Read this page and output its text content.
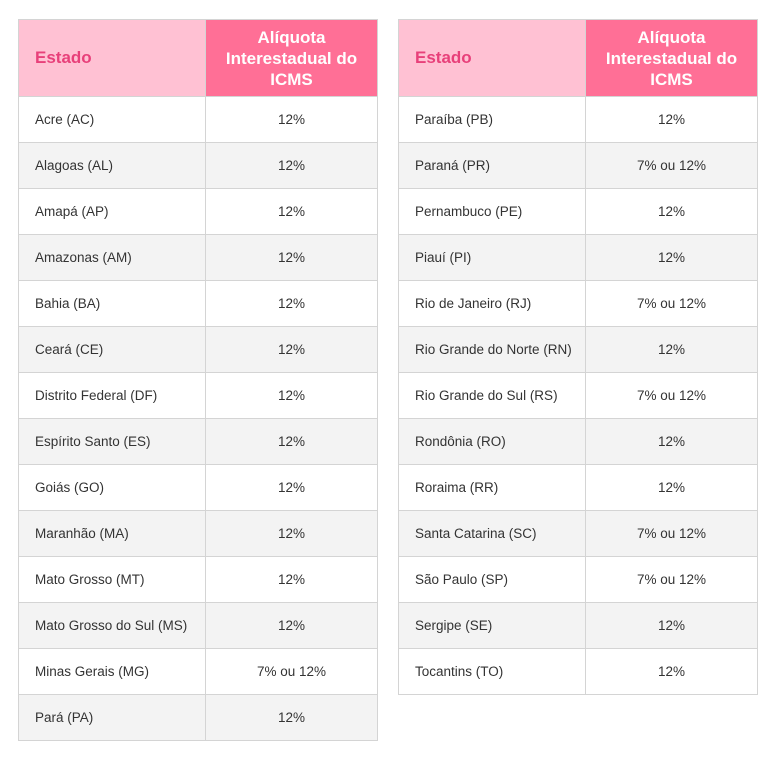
Estado	Alíquota Interestadual do ICMS
Acre (AC)	12%
Alagoas (AL)	12%
Amapá (AP)	12%
Amazonas (AM)	12%
Bahia (BA)	12%
Ceará (CE)	12%
Distrito Federal (DF)	12%
Espírito Santo (ES)	12%
Goiás (GO)	12%
Maranhão (MA)	12%
Mato Grosso (MT)	12%
Mato Grosso do Sul (MS)	12%
Minas Gerais (MG)	7% ou 12%
Pará (PA)	12%
Estado	Alíquota Interestadual do ICMS
Paraíba (PB)	12%
Paraná (PR)	7% ou 12%
Pernambuco (PE)	12%
Piauí (PI)	12%
Rio de Janeiro (RJ)	7% ou 12%
Rio Grande do Norte (RN)	12%
Rio Grande do Sul (RS)	7% ou 12%
Rondônia (RO)	12%
Roraima (RR)	12%
Santa Catarina (SC)	7% ou 12%
São Paulo (SP)	7% ou 12%
Sergipe (SE)	12%
Tocantins (TO)	12%
